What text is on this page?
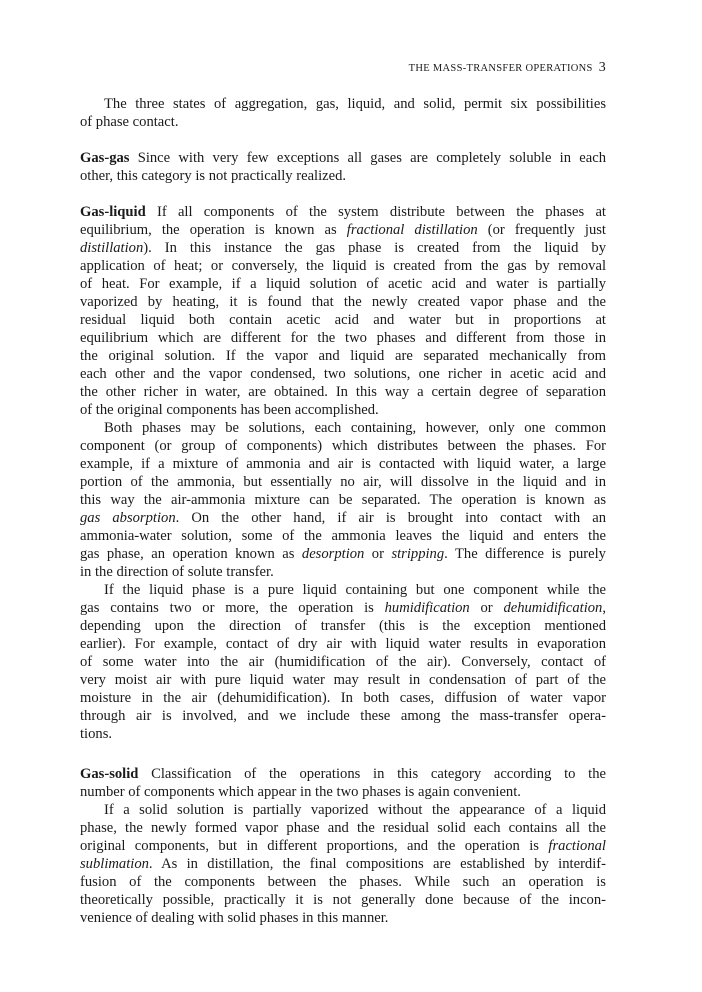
THE MASS-TRANSFER OPERATIONS 3
The three states of aggregation, gas, liquid, and solid, permit six possibilities
of phase contact.
Gas-gas Since with very few exceptions all gases are completely soluble in each
other, this category is not practically realized.
Gas-liquid If all components of the system distribute between the phases at
equilibrium, the operation is known as fractional distillation (or frequently just
distillation). In this instance the gas phase is created from the liquid by
application of heat; or conversely, the liquid is created from the gas by removal
of heat. For example, if a liquid solution of acetic acid and water is partially
vaporized by heating, it is found that the newly created vapor phase and the
residual liquid both contain acetic acid and water but in proportions at
equilibrium which are different for the two phases and different from those in
the original solution. If the vapor and liquid are separated mechanically from
each other and the vapor condensed, two solutions, one richer in acetic acid and
the other richer in water, are obtained. In this way a certain degree of separation
of the original components has been accomplished.
Both phases may be solutions, each containing, however, only one common
component (or group of components) which distributes between the phases. For
example, if a mixture of ammonia and air is contacted with liquid water, a large
portion of the ammonia, but essentially no air, will dissolve in the liquid and in
this way the air-ammonia mixture can be separated. The operation is known as
gas absorption. On the other hand, if air is brought into contact with an
ammonia-water solution, some of the ammonia leaves the liquid and enters the
gas phase, an operation known as desorption or stripping. The difference is purely
in the direction of solute transfer.
If the liquid phase is a pure liquid containing but one component while the
gas contains two or more, the operation is humidification or dehumidification,
depending upon the direction of transfer (this is the exception mentioned
earlier). For example, contact of dry air with liquid water results in evaporation
of some water into the air (humidification of the air). Conversely, contact of
very moist air with pure liquid water may result in condensation of part of the
moisture in the air (dehumidification). In both cases, diffusion of water vapor
through air is involved, and we include these among the mass-transfer opera-
tions.
Gas-solid Classification of the operations in this category according to the
number of components which appear in the two phases is again convenient.
If a solid solution is partially vaporized without the appearance of a liquid
phase, the newly formed vapor phase and the residual solid each contains all the
original components, but in different proportions, and the operation is fractional
sublimation. As in distillation, the final compositions are established by interdif-
fusion of the components between the phases. While such an operation is
theoretically possible, practically it is not generally done because of the incon-
venience of dealing with solid phases in this manner.
